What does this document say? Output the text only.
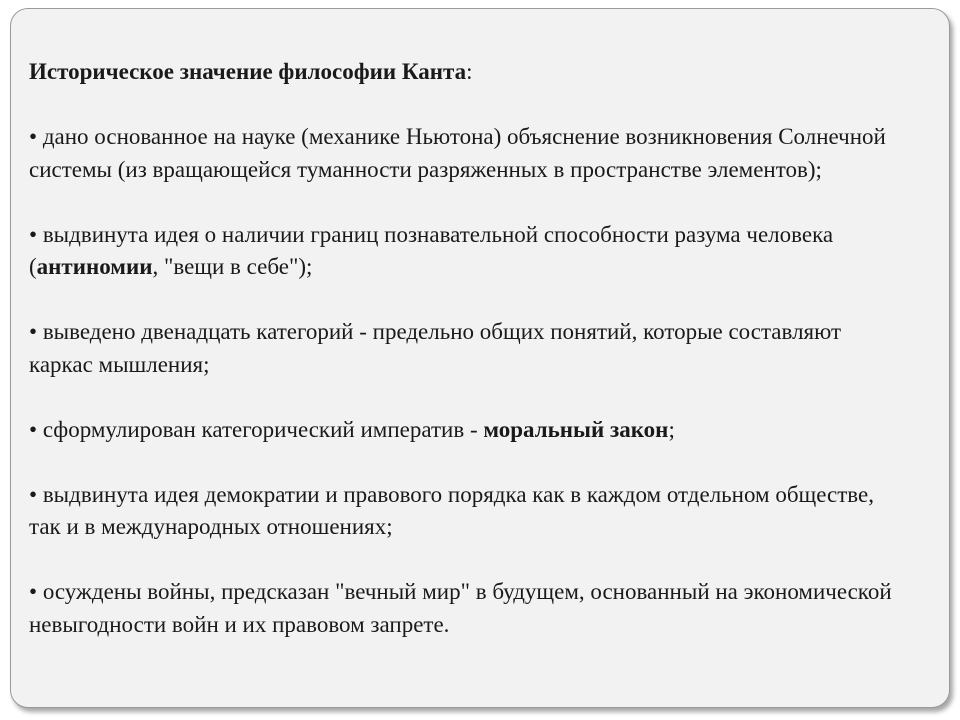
Историческое значение философии Канта:
• дано основанное на науке (механике Ньютона) объяснение возникновения Солнечной системы (из вращающейся туманности разряженных в пространстве элементов);
• выдвинута идея о наличии границ познавательной способности разума человека (антиномии, "вещи в себе");
• выведено двенадцать категорий - предельно общих понятий, которые составляют каркас мышления;
• сформулирован категорический императив - моральный закон;
• выдвинута идея демократии и правового порядка как в каждом отдельном обществе, так и в международных отношениях;
• осуждены войны, предсказан "вечный мир" в будущем, основанный на экономической невыгодности войн и их правовом запрете.
